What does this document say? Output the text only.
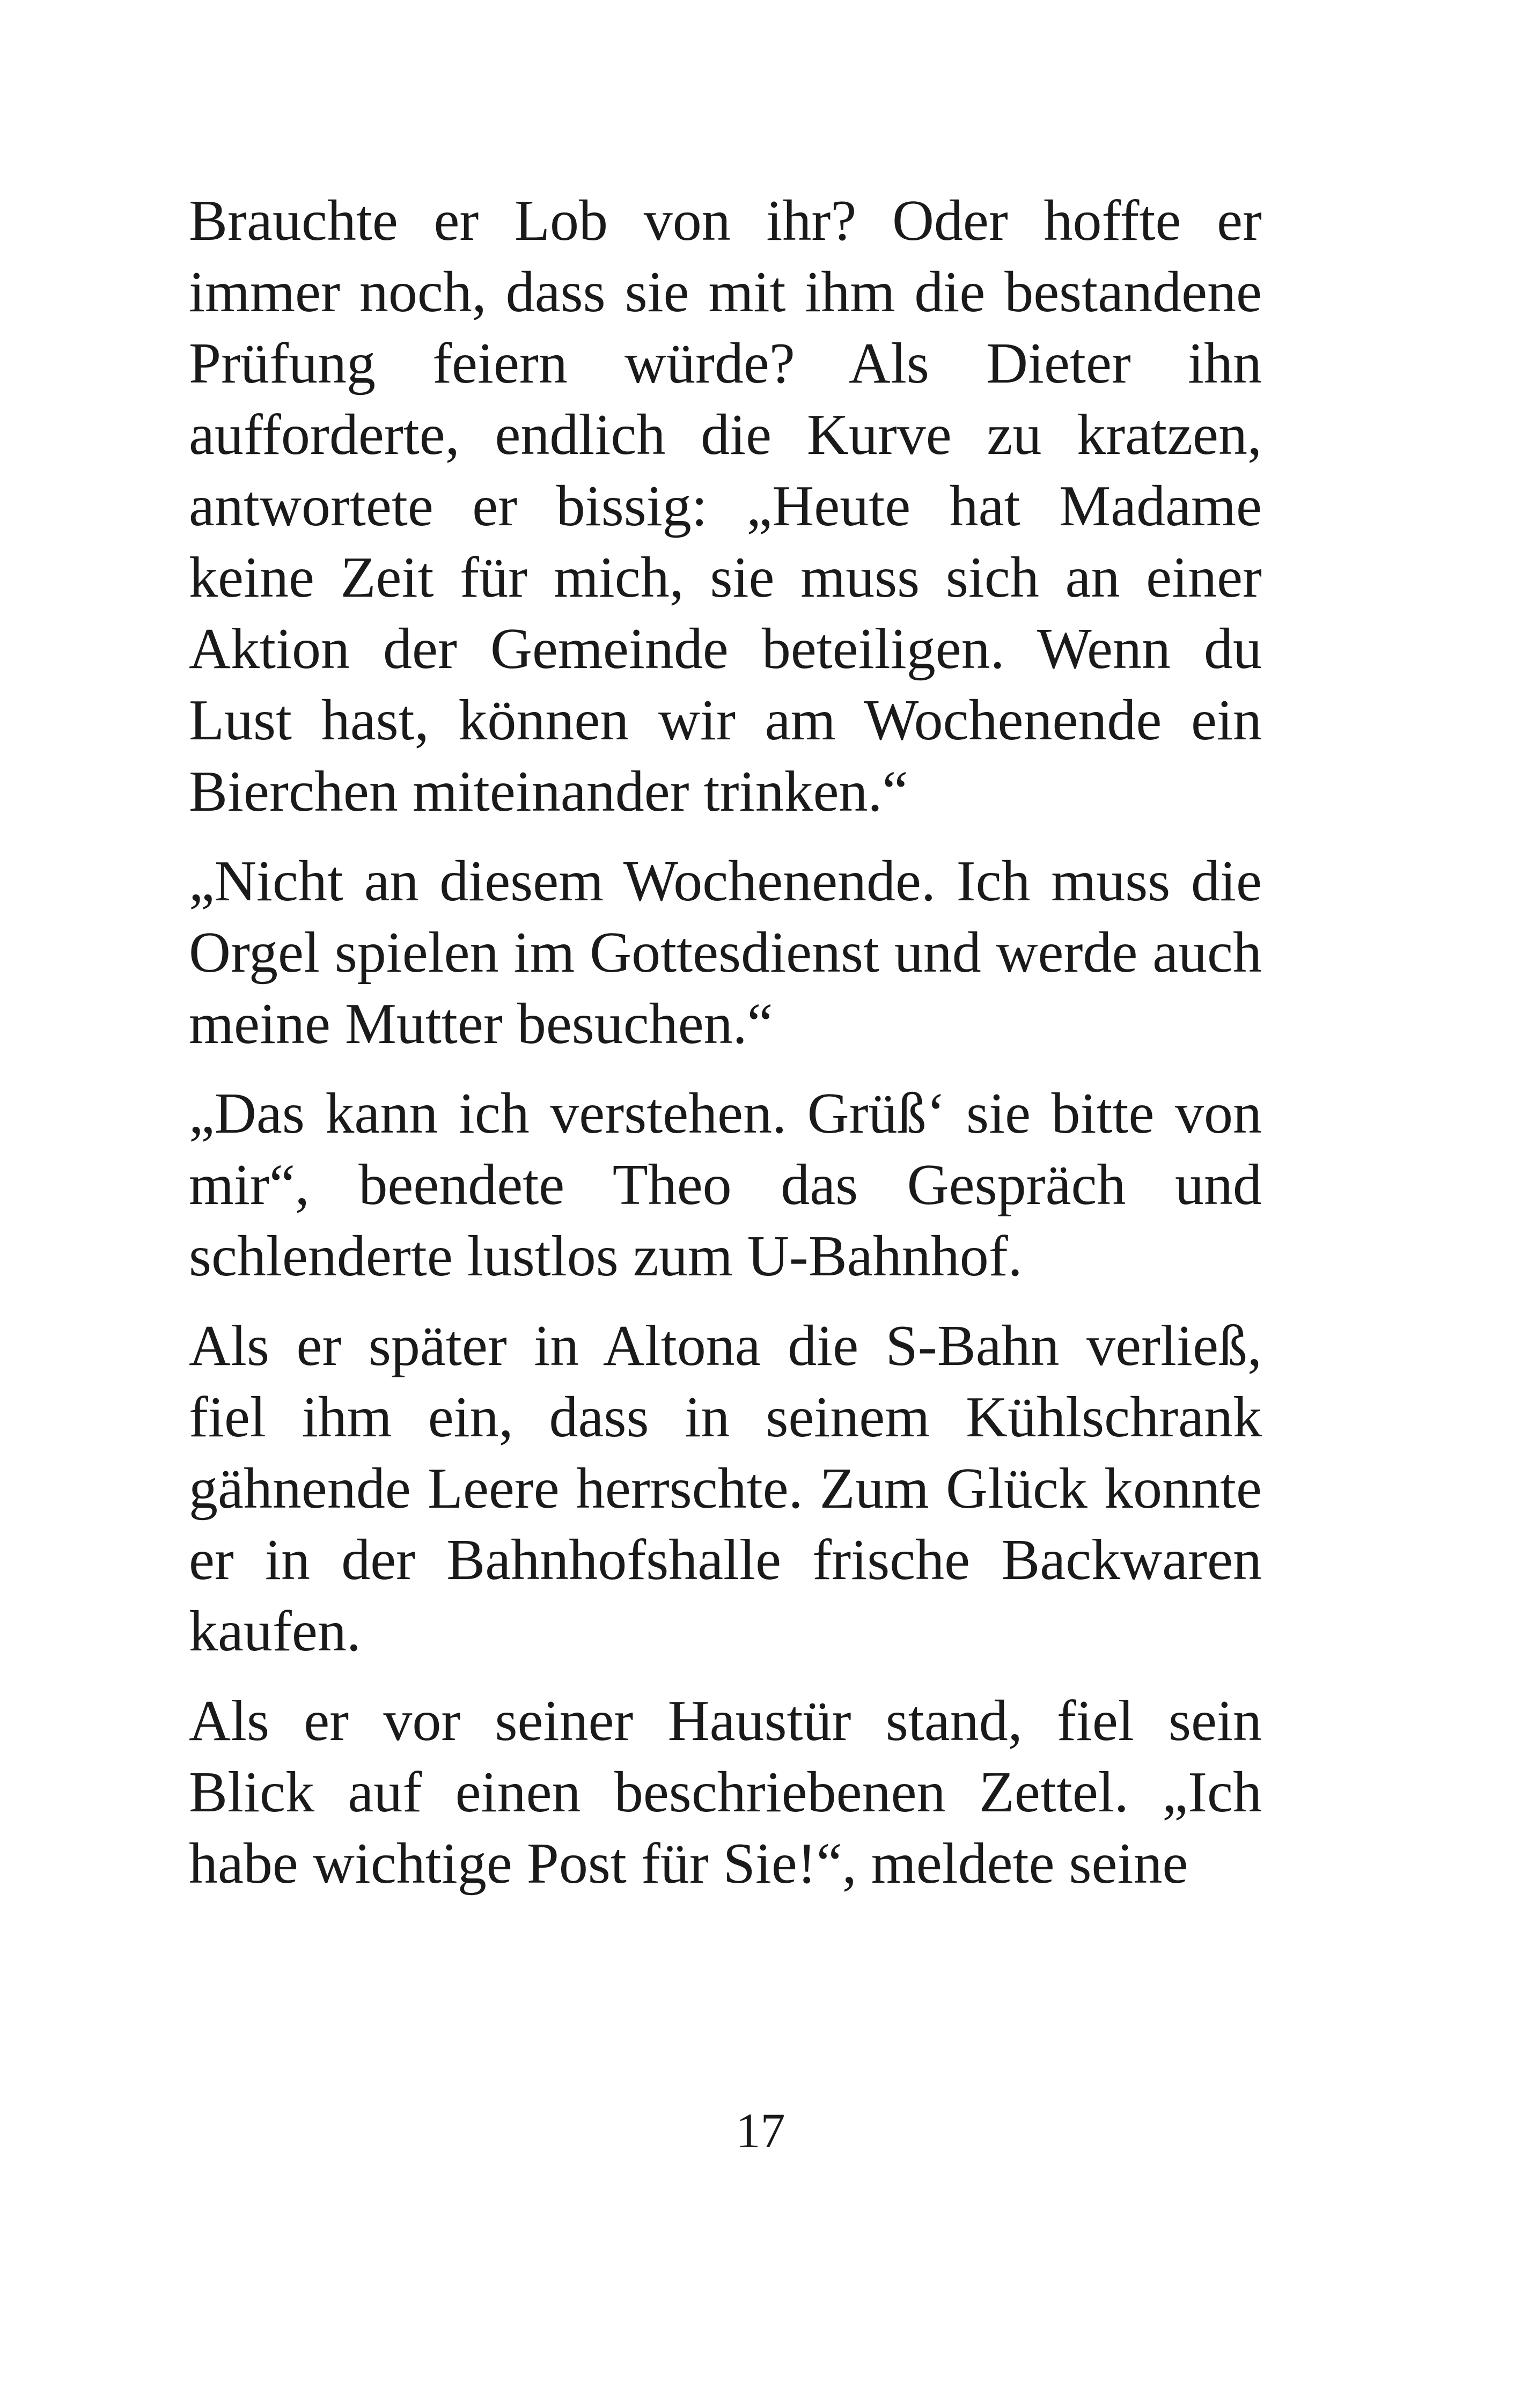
Brauchte er Lob von ihr? Oder hoffte er immer noch, dass sie mit ihm die bestandene Prüfung feiern würde? Als Dieter ihn aufforderte, endlich die Kurve zu kratzen, antwortete er bissig: „Heute hat Madame keine Zeit für mich, sie muss sich an einer Aktion der Gemeinde beteiligen. Wenn du Lust hast, können wir am Wochenende ein Bierchen miteinander trinken.“

„Nicht an diesem Wochenende. Ich muss die Orgel spielen im Gottesdienst und werde auch meine Mutter besuchen.“

„Das kann ich verstehen. Grüß‘ sie bitte von mir“, beendete Theo das Gespräch und schlenderte lustlos zum U-Bahnhof.

Als er später in Altona die S-Bahn verließ, fiel ihm ein, dass in seinem Kühlschrank gähnende Leere herrschte. Zum Glück konnte er in der Bahnhofshalle frische Backwaren kaufen.

Als er vor seiner Haustür stand, fiel sein Blick auf einen beschriebenen Zettel. „Ich habe wichtige Post für Sie!“, meldete seine

17
